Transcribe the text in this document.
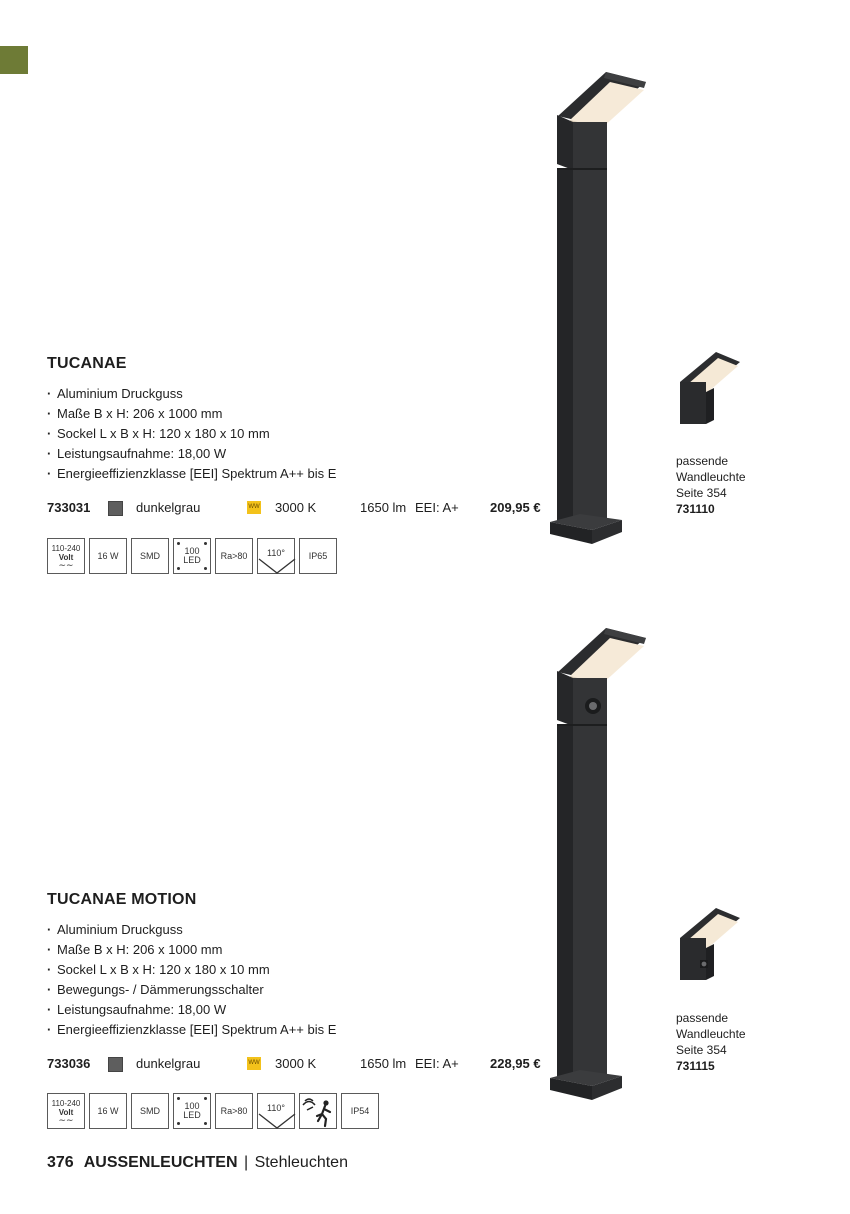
TUCANAE
· Aluminium Druckguss
· Maße B x H: 206 x 1000 mm
· Sockel L x B x H: 120 x 180 x 10 mm
· Leistungsaufnahme: 18,00 W
· Energieeffizienzklasse [EEI] Spektrum A++ bis E
733031	dunkelgrau	WW 3000 K	1650 lm EEI: A+ 209,95 €
passende
Wandleuchte
Seite 354
731110
110-240
Volt
∼∼
16 W	SMD	100
LED	Ra>80	110°	IP65
TUCANAE MOTION
· Aluminium Druckguss
· Maße B x H: 206 x 1000 mm
· Sockel L x B x H: 120 x 180 x 10 mm
· Bewegungs- / Dämmerungsschalter
· Leistungsaufnahme: 18,00 W
· Energieeffizienzklasse [EEI] Spektrum A++ bis E
733036	dunkelgrau	WW 3000 K	1650 lm EEI: A+ 228,95 €
passende
Wandleuchte
Seite 354
731115
110-240
Volt
∼∼
16 W	SMD	100
LED	Ra>80	110°	IP54
376 AUSSENLEUCHTEN | Stehleuchten
